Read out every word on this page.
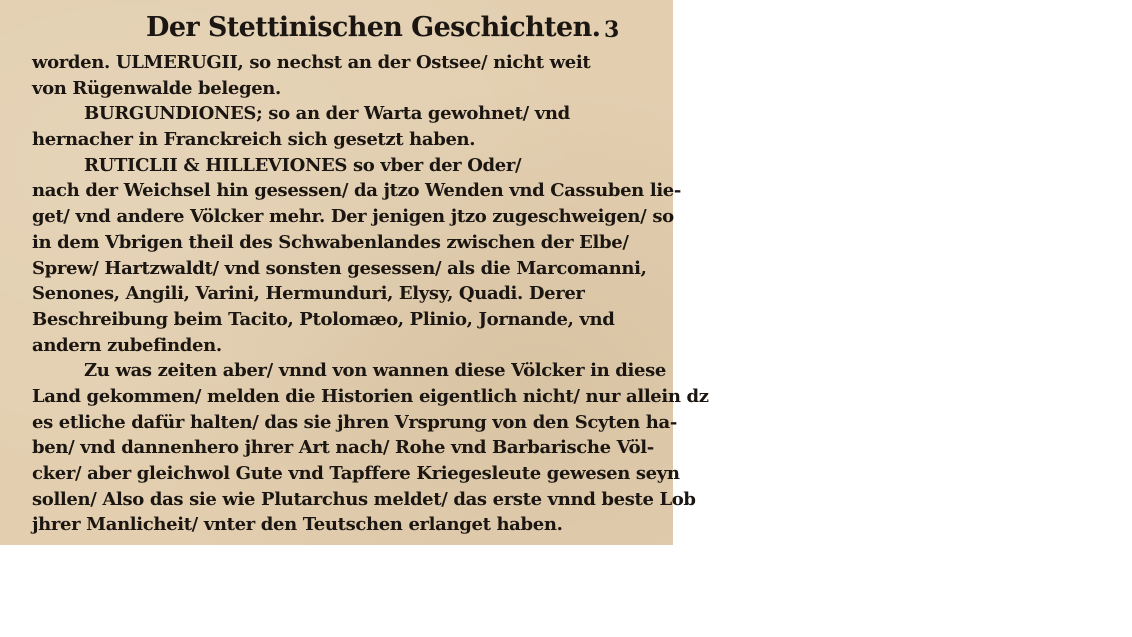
Der Stettinischen Geschichten. 3
worden. ULMERUGII, so nechst an der Ostsee/ nicht weit
von Rügenwalde belegen.
BURGUNDIONES; so an der Warta gewohnet/ vnd
hernacher in Franckreich sich gesetzt haben.
RUTICLII & HILLEVIONES so vber der Oder/
nach der Weichsel hin gesessen/ da jtzo Wenden vnd Cassuben lie-
get/ vnd andere Völcker mehr. Der jenigen jtzo zugeschweigen/ so
in dem Vbrigen theil des Schwabenlandes zwischen der Elbe/
Sprew/ Hartzwaldt/ vnd sonsten gesessen/ als die Marcomanni,
Senones, Angili, Varini, Hermunduri, Elysy, Quadi. Derer
Beschreibung beim Tacito, Ptolomæo, Plinio, Jornande, vnd
andern zubefinden.
Zu was zeiten aber/ vnnd von wannen diese Völcker in diese
Land gekommen/ melden die Historien eigentlich nicht/ nur allein dz
es etliche dafür halten/ das sie jhren Vrsprung von den Scyten ha-
ben/ vnd dannenhero jhrer Art nach/ Rohe vnd Barbarische Völ-
cker/ aber gleichwol Gute vnd Tapffere Kriegesleute gewesen seyn
sollen/ Also das sie wie Plutarchus meldet/ das erste vnnd beste Lob
jhrer Manlicheit/ vnter den Teutschen erlanget haben.
